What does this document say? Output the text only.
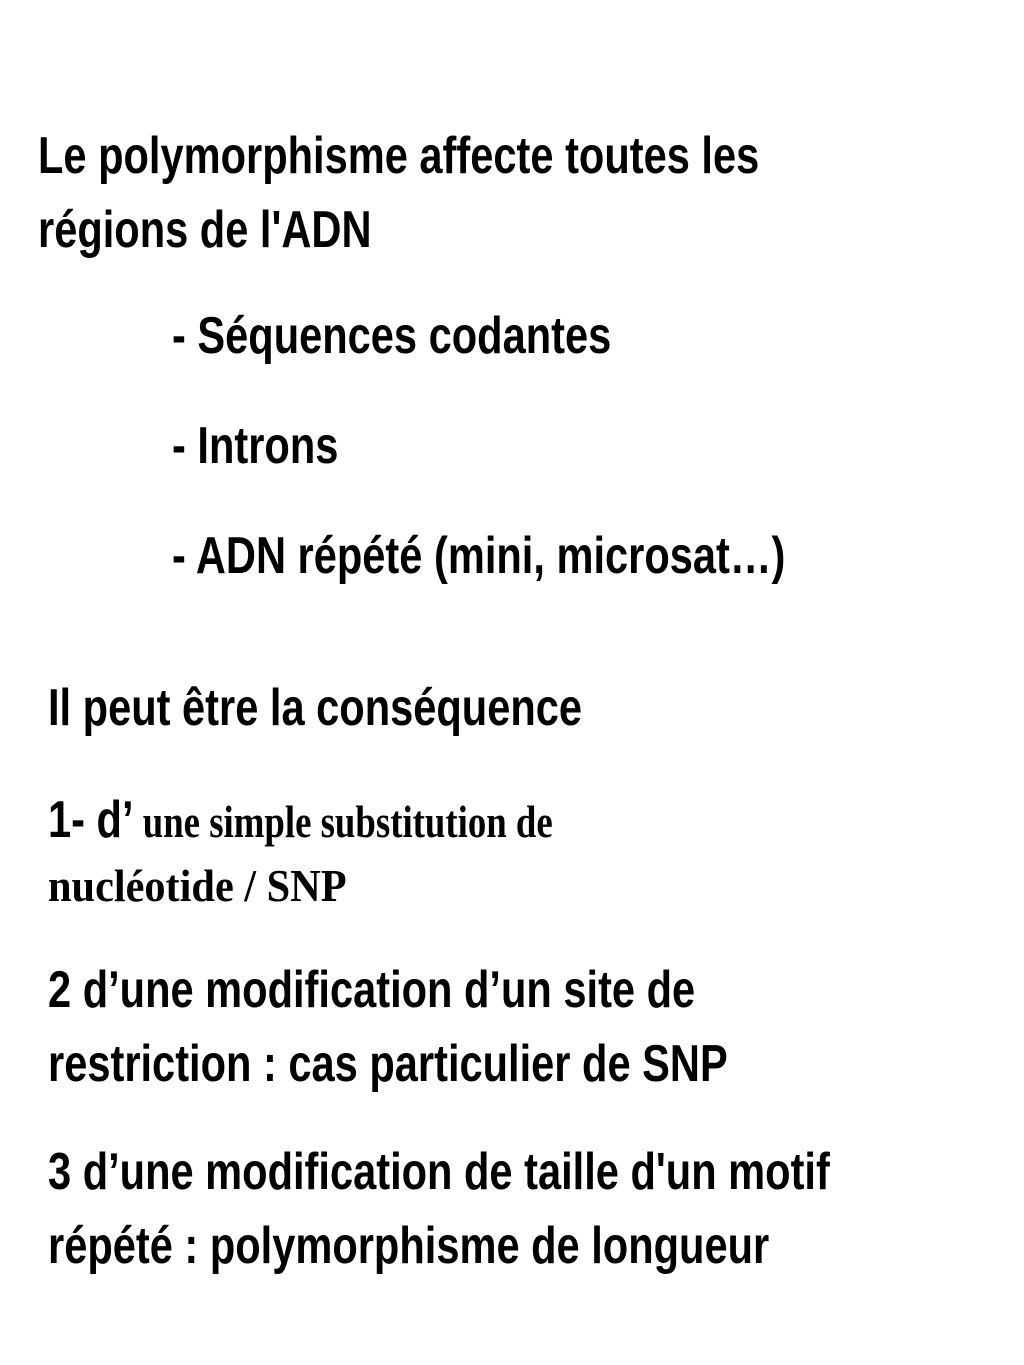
Le polymorphisme affecte toutes les

régions de l'ADN

- Séquences codantes

- Introns

- ADN répété (mini, microsat…)

Il peut être la conséquence

1- d’ une simple substitution de

nucléotide / SNP

2 d’une modification d’un site de

restriction : cas particulier de SNP

3 d’une modification de taille d'un motif

répété : polymorphisme de longueur
